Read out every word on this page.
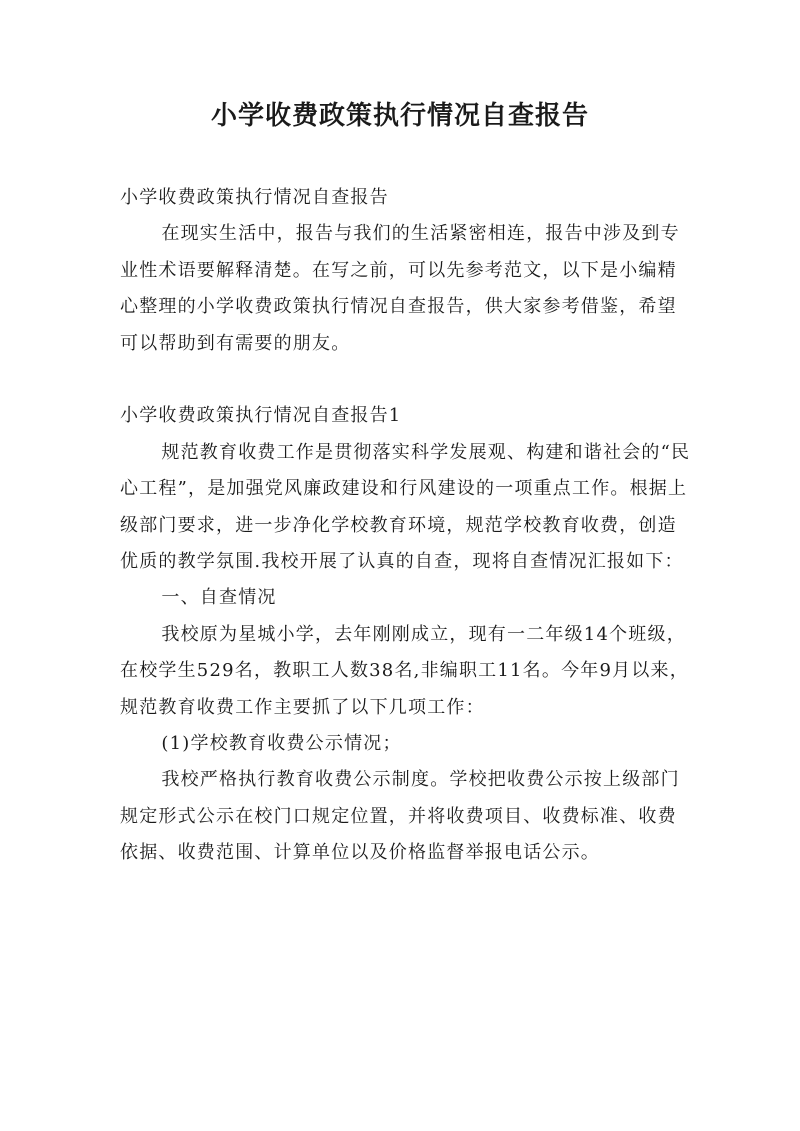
小学收费政策执行情况自查报告

小学收费政策执行情况自查报告

在现实生活中，报告与我们的生活紧密相连，报告中涉及到专业性术语要解释清楚。在写之前，可以先参考范文，以下是小编精心整理的小学收费政策执行情况自查报告，供大家参考借鉴，希望可以帮助到有需要的朋友。

小学收费政策执行情况自查报告1

规范教育收费工作是贯彻落实科学发展观、构建和谐社会的“民心工程”，是加强党风廉政建设和行风建设的一项重点工作。根据上级部门要求，进一步净化学校教育环境，规范学校教育收费，创造优质的教学氛围.我校开展了认真的自查，现将自查情况汇报如下：

一、自查情况

我校原为星城小学，去年刚刚成立，现有一二年级14个班级，在校学生529名，教职工人数38名,非编职工11名。今年9月以来，规范教育收费工作主要抓了以下几项工作：

(1)学校教育收费公示情况；

我校严格执行教育收费公示制度。学校把收费公示按上级部门规定形式公示在校门口规定位置，并将收费项目、收费标准、收费依据、收费范围、计算单位以及价格监督举报电话公示。
